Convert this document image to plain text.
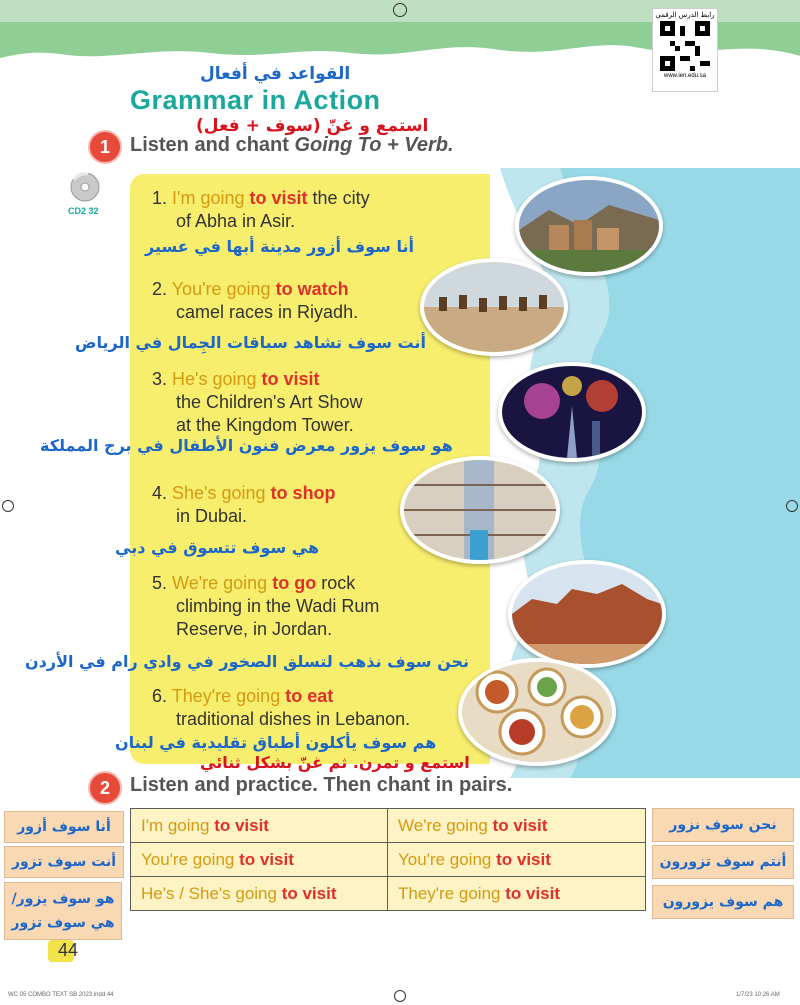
رابط الدرس الرقمي
www.ien.edu.sa
القواعد في أفعال
Grammar in Action
استمع و غنّ (سوف + فعل)
1	Listen and chant Going To + Verb.
CD2 32
1. I'm going to visit the city
of Abha in Asir.
أنا سوف أزور مدينة أبها في عسير
2. You're going to watch
camel races in Riyadh.
أنت سوف تشاهد سباقات الجِمال في الرياض
3. He's going to visit
the Children's Art Show
at the Kingdom Tower.
هو سوف يزور معرض فنون الأطفال في برج المملكة
4. She's going to shop
in Dubai.
هي سوف تتسوق في دبي
5. We're going to go rock
climbing in the Wadi Rum
Reserve, in Jordan.
نحن سوف نذهب لتسلق الصخور في وادي رام في الأردن
6. They're going to eat
traditional dishes in Lebanon.
هم سوف يأكلون أطباق تقليدية في لبنان
استمع و تمرن. ثم غنّ بشكل ثنائي
2	Listen and practice. Then chant in pairs.
I'm going to visit	We're going to visit
You're going to visit	You're going to visit
He's / She's going to visit	They're going to visit
أنا سوف أزور
أنت سوف تزور
هو سوف يزور/ هي سوف تزور
نحن سوف نزور
أنتم سوف تزورون
هم سوف يزورون
44
WC 05 COMBO TEXT SB 2023.indd 44	1/7/23 10:26 AM
